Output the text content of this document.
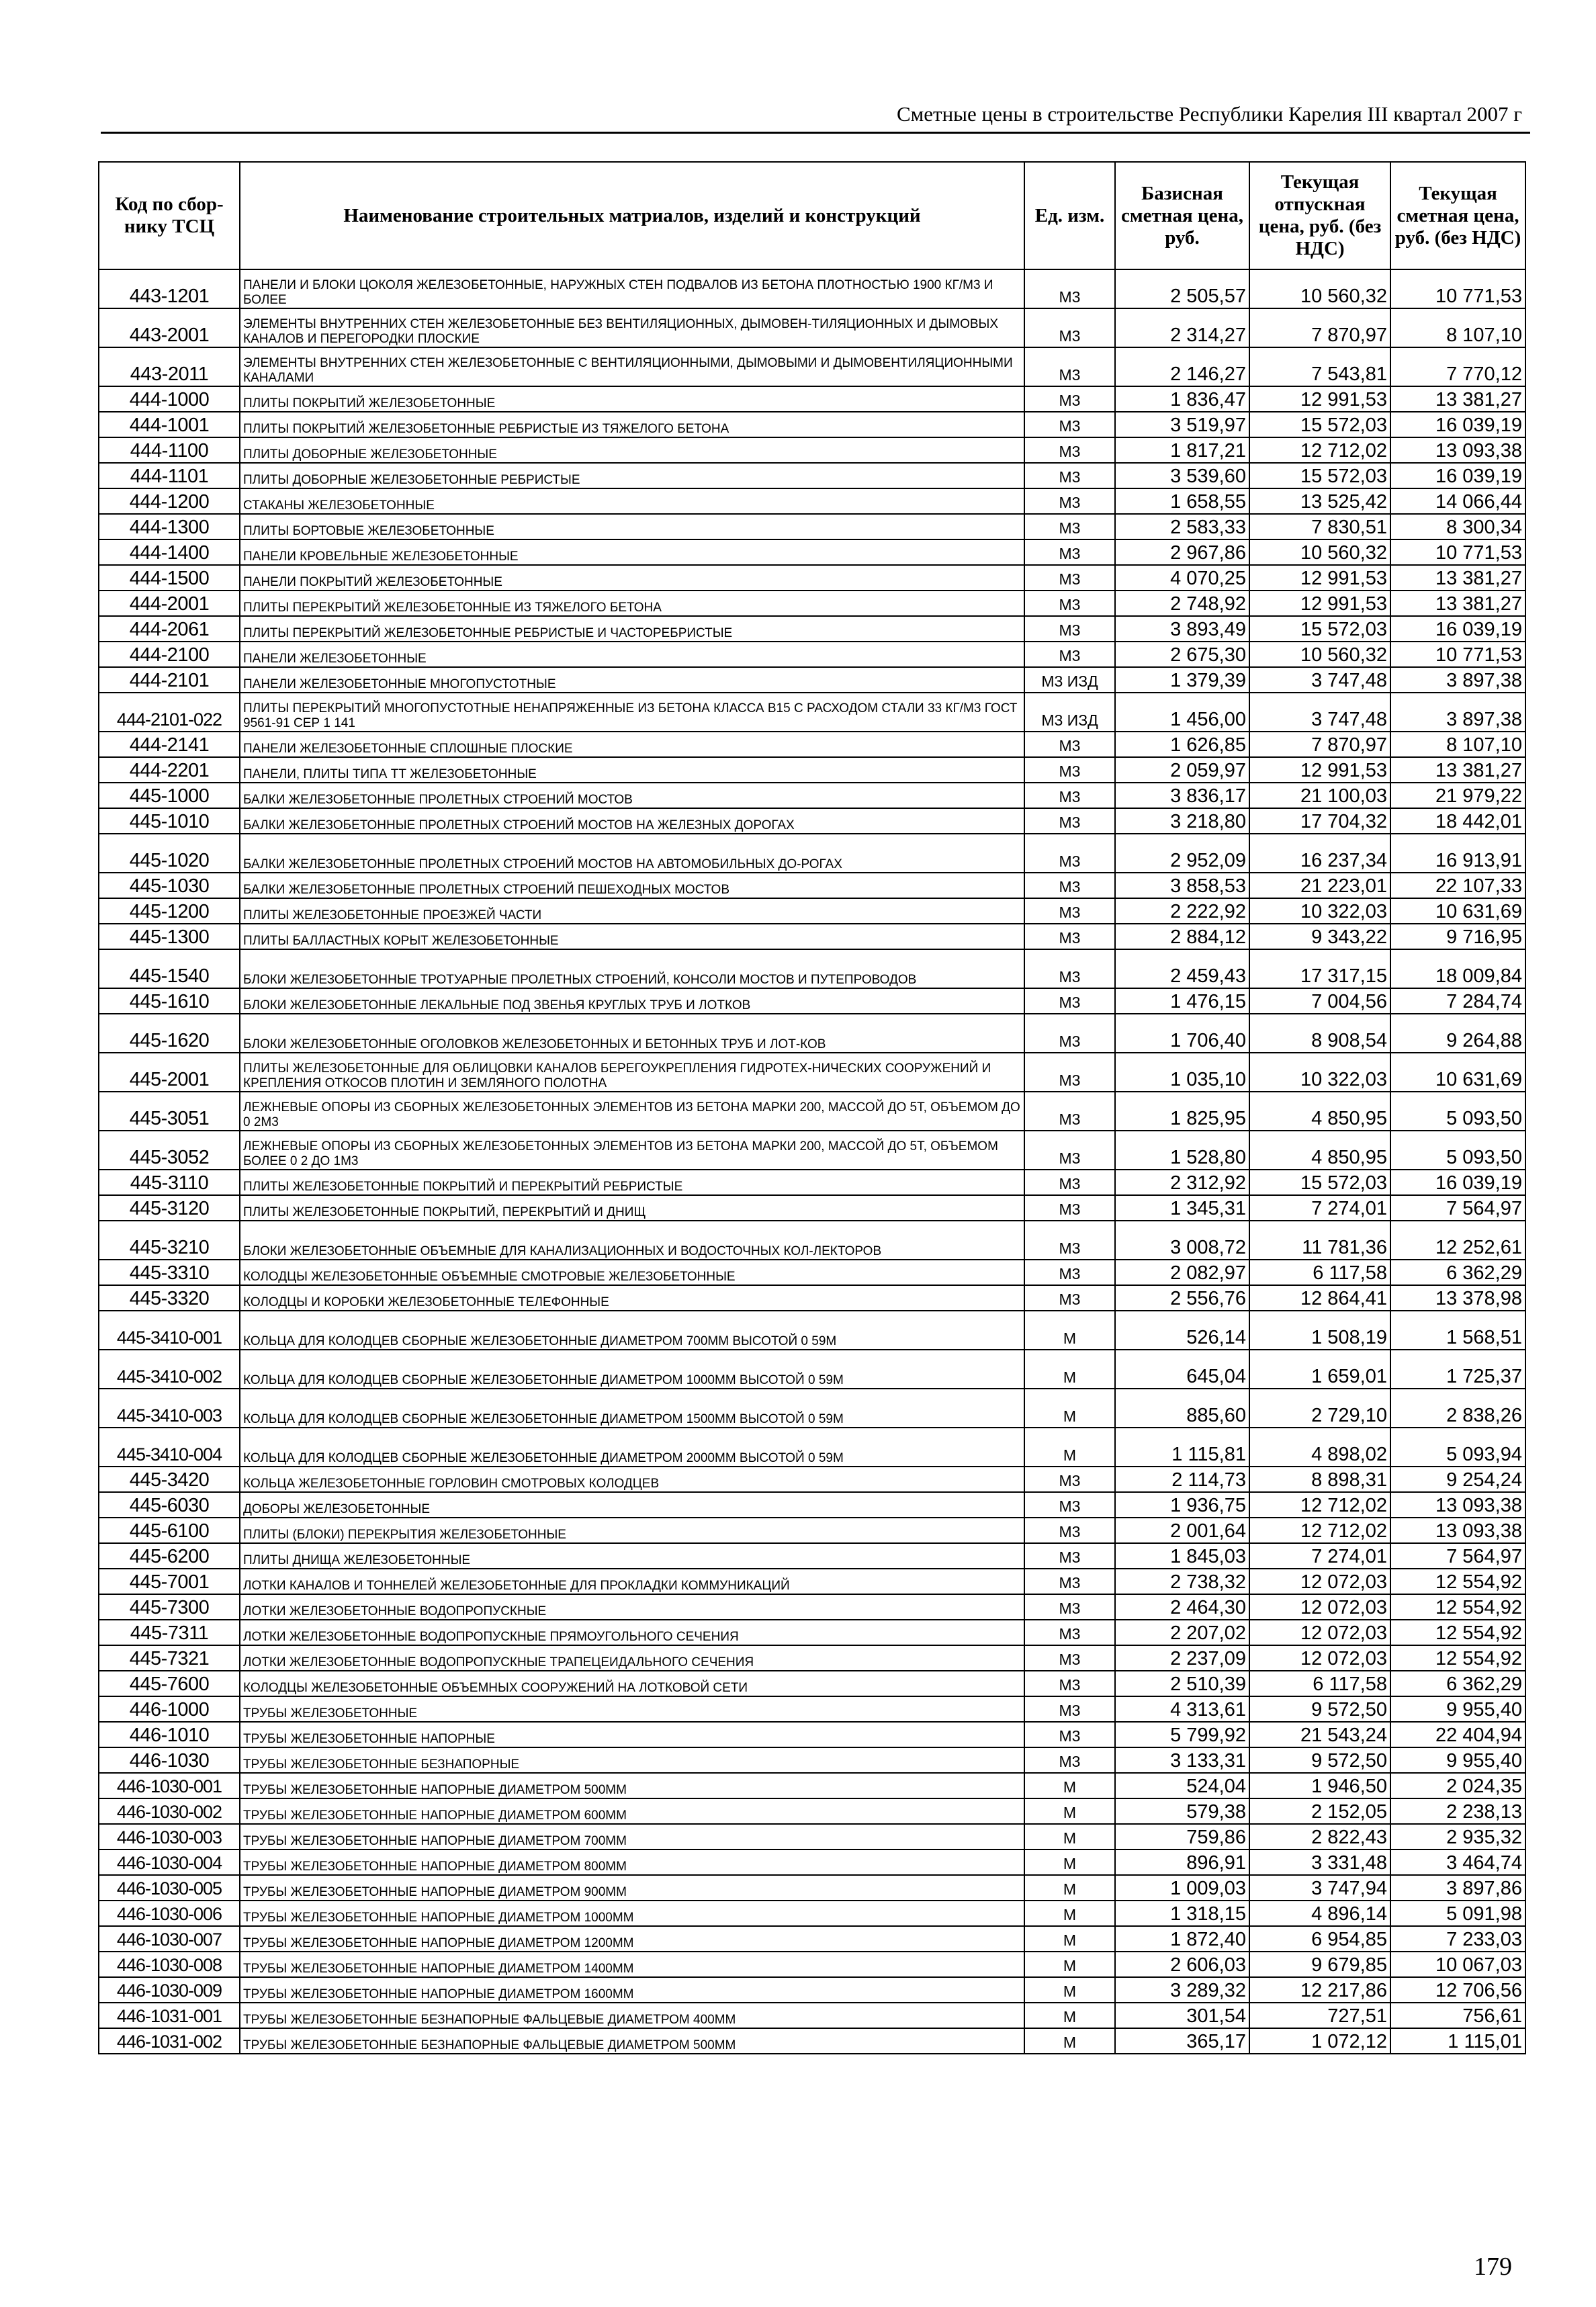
Сметные цены в строительстве Республики Карелия III квартал 2007 г
Код по сбор-нику ТСЦ	Наименование строительных матриалов, изделий и конструкций	Ед. изм.	Базисная сметная цена, руб.	Текущая отпускная цена, руб. (без НДС)	Текущая сметная цена, руб. (без НДС)
443-1201	ПАНЕЛИ И БЛОКИ ЦОКОЛЯ ЖЕЛЕЗОБЕТОННЫЕ, НАРУЖНЫХ СТЕН ПОДВАЛОВ ИЗ БЕТОНА ПЛОТНОСТЬЮ 1900 КГ/М3 И БОЛЕЕ	М3	2 505,57	10 560,32	10 771,53
443-2001	ЭЛЕМЕНТЫ ВНУТРЕННИХ СТЕН ЖЕЛЕЗОБЕТОННЫЕ БЕЗ ВЕНТИЛЯЦИОННЫХ, ДЫМОВЕН-ТИЛЯЦИОННЫХ И ДЫМОВЫХ КАНАЛОВ И ПЕРЕГОРОДКИ ПЛОСКИЕ	М3	2 314,27	7 870,97	8 107,10
443-2011	ЭЛЕМЕНТЫ ВНУТРЕННИХ СТЕН ЖЕЛЕЗОБЕТОННЫЕ С ВЕНТИЛЯЦИОННЫМИ, ДЫМОВЫМИ И ДЫМОВЕНТИЛЯЦИОННЫМИ КАНАЛАМИ	М3	2 146,27	7 543,81	7 770,12
444-1000	ПЛИТЫ ПОКРЫТИЙ ЖЕЛЕЗОБЕТОННЫЕ	М3	1 836,47	12 991,53	13 381,27
444-1001	ПЛИТЫ ПОКРЫТИЙ ЖЕЛЕЗОБЕТОННЫЕ РЕБРИСТЫЕ ИЗ ТЯЖЕЛОГО БЕТОНА	М3	3 519,97	15 572,03	16 039,19
444-1100	ПЛИТЫ ДОБОРНЫЕ ЖЕЛЕЗОБЕТОННЫЕ	М3	1 817,21	12 712,02	13 093,38
444-1101	ПЛИТЫ ДОБОРНЫЕ ЖЕЛЕЗОБЕТОННЫЕ РЕБРИСТЫЕ	М3	3 539,60	15 572,03	16 039,19
444-1200	СТАКАНЫ ЖЕЛЕЗОБЕТОННЫЕ	М3	1 658,55	13 525,42	14 066,44
444-1300	ПЛИТЫ БОРТОВЫЕ ЖЕЛЕЗОБЕТОННЫЕ	М3	2 583,33	7 830,51	8 300,34
444-1400	ПАНЕЛИ КРОВЕЛЬНЫЕ ЖЕЛЕЗОБЕТОННЫЕ	М3	2 967,86	10 560,32	10 771,53
444-1500	ПАНЕЛИ ПОКРЫТИЙ ЖЕЛЕЗОБЕТОННЫЕ	М3	4 070,25	12 991,53	13 381,27
444-2001	ПЛИТЫ ПЕРЕКРЫТИЙ ЖЕЛЕЗОБЕТОННЫЕ ИЗ ТЯЖЕЛОГО БЕТОНА	М3	2 748,92	12 991,53	13 381,27
444-2061	ПЛИТЫ ПЕРЕКРЫТИЙ ЖЕЛЕЗОБЕТОННЫЕ РЕБРИСТЫЕ И ЧАСТОРЕБРИСТЫЕ	М3	3 893,49	15 572,03	16 039,19
444-2100	ПАНЕЛИ ЖЕЛЕЗОБЕТОННЫЕ	М3	2 675,30	10 560,32	10 771,53
444-2101	ПАНЕЛИ ЖЕЛЕЗОБЕТОННЫЕ МНОГОПУСТОТНЫЕ	М3 ИЗД	1 379,39	3 747,48	3 897,38
444-2101-022	ПЛИТЫ ПЕРЕКРЫТИЙ МНОГОПУСТОТНЫЕ НЕНАПРЯЖЕННЫЕ ИЗ БЕТОНА КЛАССА В15 С РАСХОДОМ СТАЛИ 33 КГ/М3 ГОСТ 9561-91 СЕР 1 141	М3 ИЗД	1 456,00	3 747,48	3 897,38
444-2141	ПАНЕЛИ ЖЕЛЕЗОБЕТОННЫЕ СПЛОШНЫЕ ПЛОСКИЕ	М3	1 626,85	7 870,97	8 107,10
444-2201	ПАНЕЛИ, ПЛИТЫ ТИПА ТТ ЖЕЛЕЗОБЕТОННЫЕ	М3	2 059,97	12 991,53	13 381,27
445-1000	БАЛКИ ЖЕЛЕЗОБЕТОННЫЕ ПРОЛЕТНЫХ СТРОЕНИЙ МОСТОВ	М3	3 836,17	21 100,03	21 979,22
445-1010	БАЛКИ ЖЕЛЕЗОБЕТОННЫЕ ПРОЛЕТНЫХ СТРОЕНИЙ МОСТОВ НА ЖЕЛЕЗНЫХ ДОРОГАХ	М3	3 218,80	17 704,32	18 442,01
445-1020	БАЛКИ ЖЕЛЕЗОБЕТОННЫЕ ПРОЛЕТНЫХ СТРОЕНИЙ МОСТОВ НА АВТОМОБИЛЬНЫХ ДО-РОГАХ	М3	2 952,09	16 237,34	16 913,91
445-1030	БАЛКИ ЖЕЛЕЗОБЕТОННЫЕ ПРОЛЕТНЫХ СТРОЕНИЙ ПЕШЕХОДНЫХ МОСТОВ	М3	3 858,53	21 223,01	22 107,33
445-1200	ПЛИТЫ ЖЕЛЕЗОБЕТОННЫЕ ПРОЕЗЖЕЙ ЧАСТИ	М3	2 222,92	10 322,03	10 631,69
445-1300	ПЛИТЫ БАЛЛАСТНЫХ КОРЫТ ЖЕЛЕЗОБЕТОННЫЕ	М3	2 884,12	9 343,22	9 716,95
445-1540	БЛОКИ ЖЕЛЕЗОБЕТОННЫЕ ТРОТУАРНЫЕ ПРОЛЕТНЫХ СТРОЕНИЙ, КОНСОЛИ МОСТОВ И ПУТЕПРОВОДОВ	М3	2 459,43	17 317,15	18 009,84
445-1610	БЛОКИ ЖЕЛЕЗОБЕТОННЫЕ ЛЕКАЛЬНЫЕ ПОД ЗВЕНЬЯ КРУГЛЫХ ТРУБ И ЛОТКОВ	М3	1 476,15	7 004,56	7 284,74
445-1620	БЛОКИ ЖЕЛЕЗОБЕТОННЫЕ ОГОЛОВКОВ ЖЕЛЕЗОБЕТОННЫХ И БЕТОННЫХ ТРУБ И ЛОТ-КОВ	М3	1 706,40	8 908,54	9 264,88
445-2001	ПЛИТЫ ЖЕЛЕЗОБЕТОННЫЕ ДЛЯ ОБЛИЦОВКИ КАНАЛОВ БЕРЕГОУКРЕПЛЕНИЯ ГИДРОТЕХ-НИЧЕСКИХ СООРУЖЕНИЙ И КРЕПЛЕНИЯ ОТКОСОВ ПЛОТИН И ЗЕМЛЯНОГО ПОЛОТНА	М3	1 035,10	10 322,03	10 631,69
445-3051	ЛЕЖНЕВЫЕ ОПОРЫ ИЗ СБОРНЫХ ЖЕЛЕЗОБЕТОННЫХ ЭЛЕМЕНТОВ ИЗ БЕТОНА МАРКИ 200, МАССОЙ ДО 5Т, ОБЪЕМОМ ДО 0 2М3	М3	1 825,95	4 850,95	5 093,50
445-3052	ЛЕЖНЕВЫЕ ОПОРЫ ИЗ СБОРНЫХ ЖЕЛЕЗОБЕТОННЫХ ЭЛЕМЕНТОВ ИЗ БЕТОНА МАРКИ 200, МАССОЙ ДО 5Т, ОБЪЕМОМ БОЛЕЕ 0 2 ДО 1М3	М3	1 528,80	4 850,95	5 093,50
445-3110	ПЛИТЫ ЖЕЛЕЗОБЕТОННЫЕ ПОКРЫТИЙ И ПЕРЕКРЫТИЙ РЕБРИСТЫЕ	М3	2 312,92	15 572,03	16 039,19
445-3120	ПЛИТЫ ЖЕЛЕЗОБЕТОННЫЕ ПОКРЫТИЙ, ПЕРЕКРЫТИЙ И ДНИЩ	М3	1 345,31	7 274,01	7 564,97
445-3210	БЛОКИ ЖЕЛЕЗОБЕТОННЫЕ ОБЪЕМНЫЕ ДЛЯ КАНАЛИЗАЦИОННЫХ И ВОДОСТОЧНЫХ КОЛ-ЛЕКТОРОВ	М3	3 008,72	11 781,36	12 252,61
445-3310	КОЛОДЦЫ ЖЕЛЕЗОБЕТОННЫЕ ОБЪЕМНЫЕ СМОТРОВЫЕ ЖЕЛЕЗОБЕТОННЫЕ	М3	2 082,97	6 117,58	6 362,29
445-3320	КОЛОДЦЫ И КОРОБКИ ЖЕЛЕЗОБЕТОННЫЕ ТЕЛЕФОННЫЕ	М3	2 556,76	12 864,41	13 378,98
445-3410-001	КОЛЬЦА ДЛЯ КОЛОДЦЕВ СБОРНЫЕ ЖЕЛЕЗОБЕТОННЫЕ ДИАМЕТРОМ 700ММ ВЫСОТОЙ 0 59М	М	526,14	1 508,19	1 568,51
445-3410-002	КОЛЬЦА ДЛЯ КОЛОДЦЕВ СБОРНЫЕ ЖЕЛЕЗОБЕТОННЫЕ ДИАМЕТРОМ 1000ММ ВЫСОТОЙ 0 59М	М	645,04	1 659,01	1 725,37
445-3410-003	КОЛЬЦА ДЛЯ КОЛОДЦЕВ СБОРНЫЕ ЖЕЛЕЗОБЕТОННЫЕ ДИАМЕТРОМ 1500ММ ВЫСОТОЙ 0 59М	М	885,60	2 729,10	2 838,26
445-3410-004	КОЛЬЦА ДЛЯ КОЛОДЦЕВ СБОРНЫЕ ЖЕЛЕЗОБЕТОННЫЕ ДИАМЕТРОМ 2000ММ ВЫСОТОЙ 0 59М	М	1 115,81	4 898,02	5 093,94
445-3420	КОЛЬЦА ЖЕЛЕЗОБЕТОННЫЕ ГОРЛОВИН СМОТРОВЫХ КОЛОДЦЕВ	М3	2 114,73	8 898,31	9 254,24
445-6030	ДОБОРЫ ЖЕЛЕЗОБЕТОННЫЕ	М3	1 936,75	12 712,02	13 093,38
445-6100	ПЛИТЫ (БЛОКИ) ПЕРЕКРЫТИЯ ЖЕЛЕЗОБЕТОННЫЕ	М3	2 001,64	12 712,02	13 093,38
445-6200	ПЛИТЫ ДНИЩА ЖЕЛЕЗОБЕТОННЫЕ	М3	1 845,03	7 274,01	7 564,97
445-7001	ЛОТКИ КАНАЛОВ И ТОННЕЛЕЙ ЖЕЛЕЗОБЕТОННЫЕ ДЛЯ ПРОКЛАДКИ КОММУНИКАЦИЙ	М3	2 738,32	12 072,03	12 554,92
445-7300	ЛОТКИ ЖЕЛЕЗОБЕТОННЫЕ ВОДОПРОПУСКНЫЕ	М3	2 464,30	12 072,03	12 554,92
445-7311	ЛОТКИ ЖЕЛЕЗОБЕТОННЫЕ ВОДОПРОПУСКНЫЕ ПРЯМОУГОЛЬНОГО СЕЧЕНИЯ	М3	2 207,02	12 072,03	12 554,92
445-7321	ЛОТКИ ЖЕЛЕЗОБЕТОННЫЕ ВОДОПРОПУСКНЫЕ ТРАПЕЦЕИДАЛЬНОГО СЕЧЕНИЯ	М3	2 237,09	12 072,03	12 554,92
445-7600	КОЛОДЦЫ ЖЕЛЕЗОБЕТОННЫЕ ОБЪЕМНЫХ СООРУЖЕНИЙ НА ЛОТКОВОЙ СЕТИ	М3	2 510,39	6 117,58	6 362,29
446-1000	ТРУБЫ ЖЕЛЕЗОБЕТОННЫЕ	М3	4 313,61	9 572,50	9 955,40
446-1010	ТРУБЫ ЖЕЛЕЗОБЕТОННЫЕ НАПОРНЫЕ	М3	5 799,92	21 543,24	22 404,94
446-1030	ТРУБЫ ЖЕЛЕЗОБЕТОННЫЕ БЕЗНАПОРНЫЕ	М3	3 133,31	9 572,50	9 955,40
446-1030-001	ТРУБЫ ЖЕЛЕЗОБЕТОННЫЕ НАПОРНЫЕ ДИАМЕТРОМ 500ММ	М	524,04	1 946,50	2 024,35
446-1030-002	ТРУБЫ ЖЕЛЕЗОБЕТОННЫЕ НАПОРНЫЕ ДИАМЕТРОМ 600ММ	М	579,38	2 152,05	2 238,13
446-1030-003	ТРУБЫ ЖЕЛЕЗОБЕТОННЫЕ НАПОРНЫЕ ДИАМЕТРОМ 700ММ	М	759,86	2 822,43	2 935,32
446-1030-004	ТРУБЫ ЖЕЛЕЗОБЕТОННЫЕ НАПОРНЫЕ ДИАМЕТРОМ 800ММ	М	896,91	3 331,48	3 464,74
446-1030-005	ТРУБЫ ЖЕЛЕЗОБЕТОННЫЕ НАПОРНЫЕ ДИАМЕТРОМ 900ММ	М	1 009,03	3 747,94	3 897,86
446-1030-006	ТРУБЫ ЖЕЛЕЗОБЕТОННЫЕ НАПОРНЫЕ ДИАМЕТРОМ 1000ММ	М	1 318,15	4 896,14	5 091,98
446-1030-007	ТРУБЫ ЖЕЛЕЗОБЕТОННЫЕ НАПОРНЫЕ ДИАМЕТРОМ 1200ММ	М	1 872,40	6 954,85	7 233,03
446-1030-008	ТРУБЫ ЖЕЛЕЗОБЕТОННЫЕ НАПОРНЫЕ ДИАМЕТРОМ 1400ММ	М	2 606,03	9 679,85	10 067,03
446-1030-009	ТРУБЫ ЖЕЛЕЗОБЕТОННЫЕ НАПОРНЫЕ ДИАМЕТРОМ 1600ММ	М	3 289,32	12 217,86	12 706,56
446-1031-001	ТРУБЫ ЖЕЛЕЗОБЕТОННЫЕ БЕЗНАПОРНЫЕ ФАЛЬЦЕВЫЕ ДИАМЕТРОМ 400ММ	М	301,54	727,51	756,61
446-1031-002	ТРУБЫ ЖЕЛЕЗОБЕТОННЫЕ БЕЗНАПОРНЫЕ ФАЛЬЦЕВЫЕ ДИАМЕТРОМ 500ММ	М	365,17	1 072,12	1 115,01
179
